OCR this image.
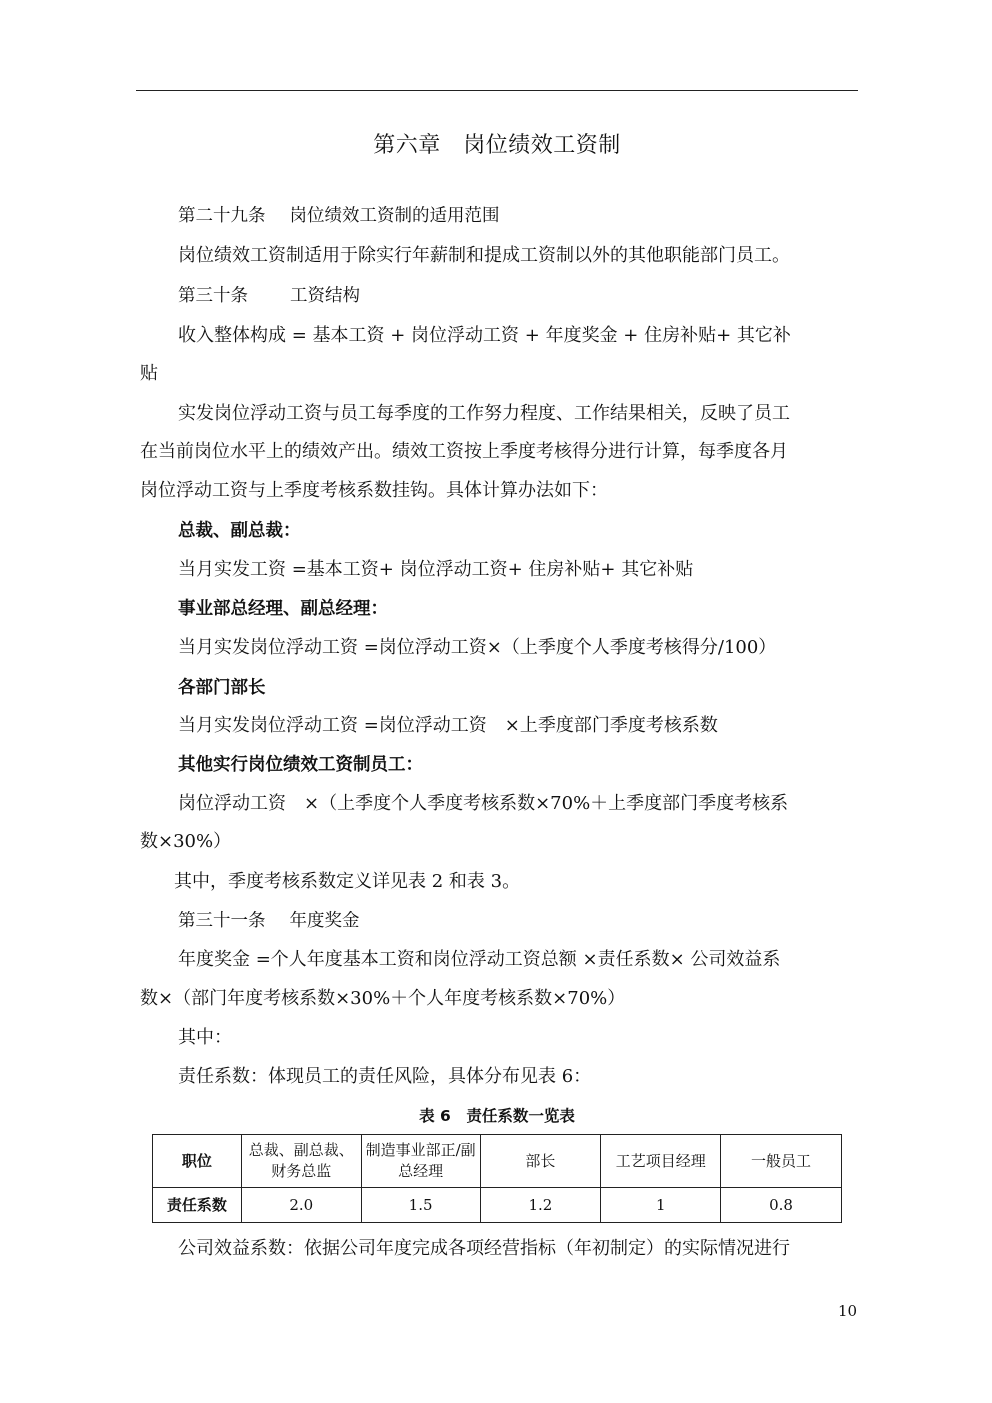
第六章　岗位绩效工资制
第二十九条 岗位绩效工资制的适用范围
岗位绩效工资制适用于除实行年薪制和提成工资制以外的其他职能部门员工。
第三十条 工资结构
收入整体构成 = 基本工资 + 岗位浮动工资 + 年度奖金 + 住房补贴+ 其它补
贴
实发岗位浮动工资与员工每季度的工作努力程度、工作结果相关，反映了员工
在当前岗位水平上的绩效产出。绩效工资按上季度考核得分进行计算，每季度各月
岗位浮动工资与上季度考核系数挂钩。具体计算办法如下：
总裁、副总裁：
当月实发工资 =基本工资+ 岗位浮动工资+ 住房补贴+ 其它补贴
事业部总经理、副总经理：
当月实发岗位浮动工资 =岗位浮动工资×（上季度个人季度考核得分/100）
各部门部长
当月实发岗位浮动工资 =岗位浮动工资　×上季度部门季度考核系数
其他实行岗位绩效工资制员工：
岗位浮动工资　×（上季度个人季度考核系数×70%＋上季度部门季度考核系
数×30%）
其中，季度考核系数定义详见表 2 和表 3。
第三十一条 年度奖金
年度奖金 =个人年度基本工资和岗位浮动工资总额 ×责任系数× 公司效益系
数×（部门年度考核系数×30%＋个人年度考核系数×70%）
其中：
责任系数：体现员工的责任风险，具体分布见表 6：
表 6　责任系数一览表
职位	总裁、副总裁、财务总监	制造事业部正/副总经理	部长	工艺项目经理	一般员工
责任系数	2.0	1.5	1.2	1	0.8
公司效益系数：依据公司年度完成各项经营指标（年初制定）的实际情况进行
10
